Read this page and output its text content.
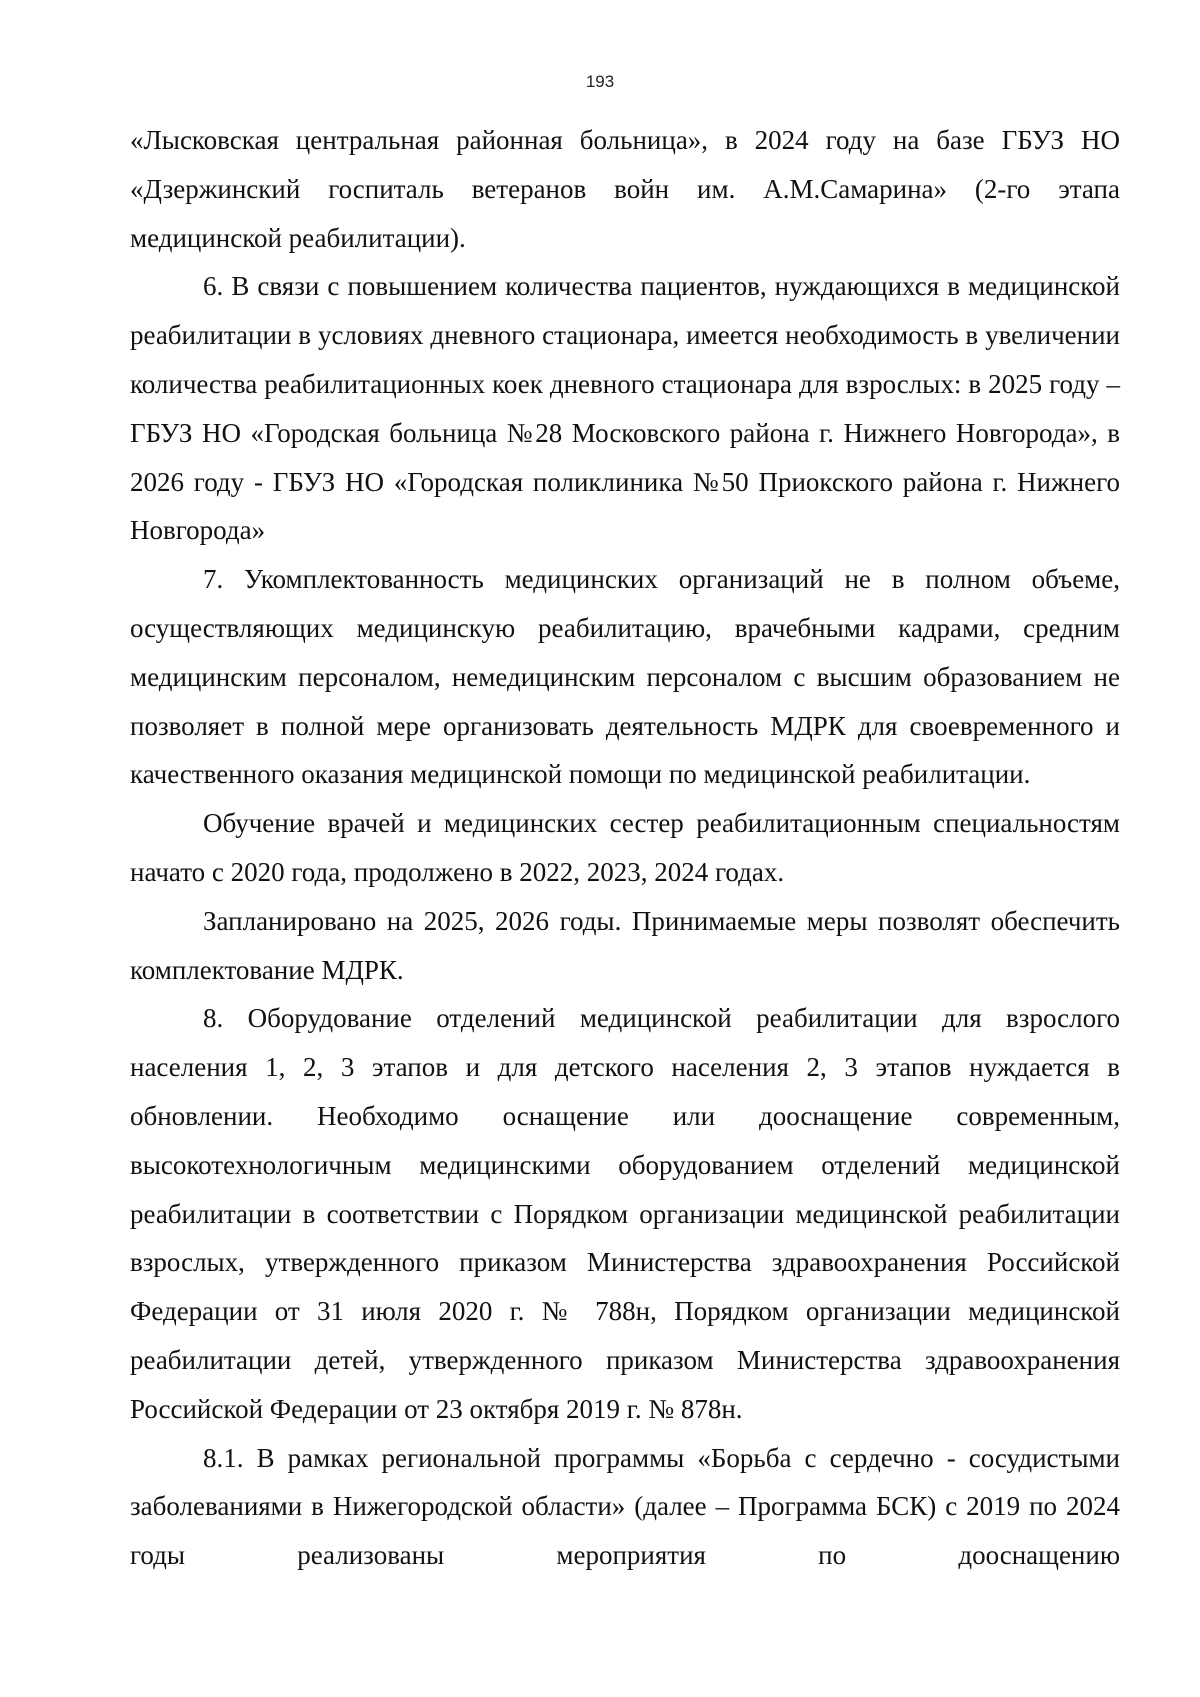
193

«Лысковская центральная районная больница», в 2024 году на базе ГБУЗ НО «Дзержинский госпиталь ветеранов войн им. А.М.Самарина» (2-го этапа медицинской реабилитации).

6. В связи с повышением количества пациентов, нуждающихся в медицинской реабилитации в условиях дневного стационара, имеется необходимость в увеличении количества реабилитационных коек дневного стационара для взрослых: в 2025 году – ГБУЗ НО «Городская больница №28 Московского района г. Нижнего Новгорода», в 2026 году - ГБУЗ НО «Городская поликлиника №50 Приокского района г. Нижнего Новгорода»

7. Укомплектованность медицинских организаций не в полном объеме, осуществляющих медицинскую реабилитацию, врачебными кадрами, средним медицинским персоналом, немедицинским персоналом с высшим образованием не позволяет в полной мере организовать деятельность МДРК для своевременного и качественного оказания медицинской помощи по медицинской реабилитации.

Обучение врачей и медицинских сестер реабилитационным специальностям начато с 2020 года, продолжено в 2022, 2023, 2024 годах.

Запланировано на 2025, 2026 годы. Принимаемые меры позволят обеспечить комплектование МДРК.

8. Оборудование отделений медицинской реабилитации для взрослого населения 1, 2, 3 этапов и для детского населения 2, 3 этапов нуждается в обновлении. Необходимо оснащение или дооснащение современным, высокотехнологичным медицинскими оборудованием отделений медицинской реабилитации в соответствии с Порядком организации медицинской реабилитации взрослых, утвержденного приказом Министерства здравоохранения Российской Федерации от 31 июля 2020 г. № 788н, Порядком организации медицинской реабилитации детей, утвержденного приказом Министерства здравоохранения Российской Федерации от 23 октября 2019 г. № 878н.

8.1. В рамках региональной программы «Борьба с сердечно - сосудистыми заболеваниями в Нижегородской области» (далее – Программа БСК) с 2019 по 2024 годы реализованы мероприятия по дооснащению
